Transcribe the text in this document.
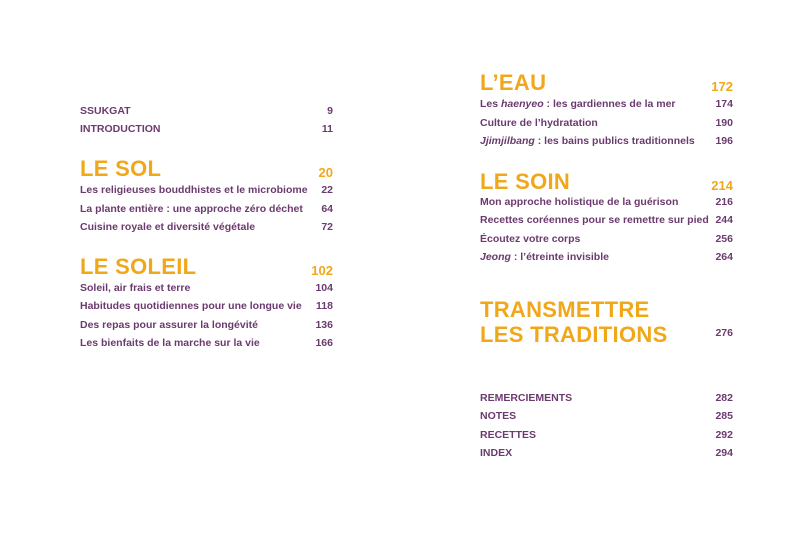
SSUKGAT	9
INTRODUCTION	11
LE SOL	20
Les religieuses bouddhistes et le microbiome 22
La plante entière : une approche zéro déchet 64
Cuisine royale et diversité végétale	72
LE SOLEIL	102
Soleil, air frais et terre	104
Habitudes quotidiennes pour une longue vie 118
Des repas pour assurer la longévité	136
Les bienfaits de la marche sur la vie	166
L’EAU	172
Les haenyeo : les gardiennes de la mer	174
Culture de l’hydratation	190
Jjimjilbang : les bains publics traditionnels 196
LE SOIN	214
Mon approche holistique de la guérison	216
Recettes coréennes pour se remettre sur pied 244
Écoutez votre corps	256
Jeong : l’étreinte invisible	264
TRANSMETTRE
LES TRADITIONS	276
REMERCIEMENTS	282
NOTES	285
RECETTES	292
INDEX	294
